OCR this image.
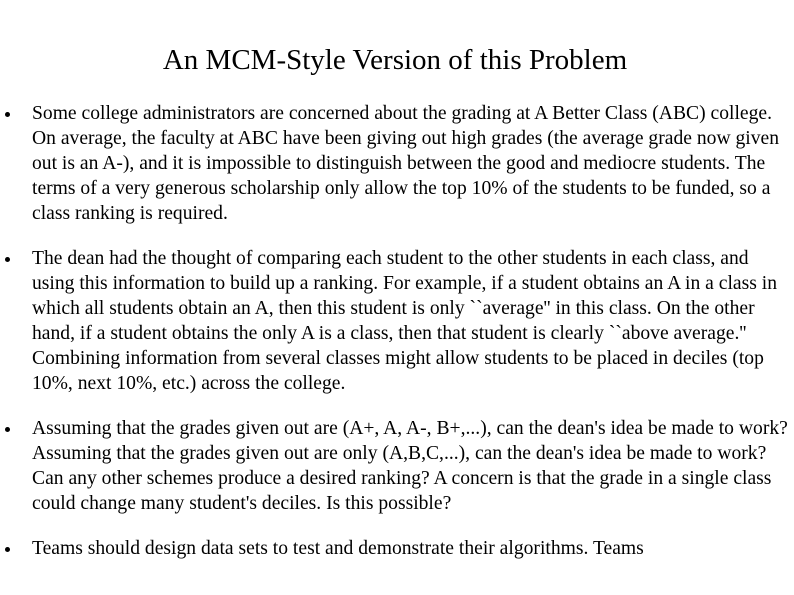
An MCM-Style Version of this Problem
Some college administrators are concerned about the grading at A Better Class (ABC) college. On average, the faculty at ABC have been giving out high grades (the average grade now given out is an A-), and it is impossible to distinguish between the good and mediocre students. The terms of a very generous scholarship only allow the top 10% of the students to be funded, so a class ranking is required.
The dean had the thought of comparing each student to the other students in each class, and using this information to build up a ranking. For example, if a student obtains an A in a class in which all students obtain an A, then this student is only ``average'' in this class. On the other hand, if a student obtains the only A is a class, then that student is clearly ``above average.'' Combining information from several classes might allow students to be placed in deciles (top 10%, next 10%, etc.) across the college.
Assuming that the grades given out are (A+, A, A-, B+,...), can the dean's idea be made to work? Assuming that the grades given out are only (A,B,C,...), can the dean's idea be made to work? Can any other schemes produce a desired ranking? A concern is that the grade in a single class could change many student's deciles. Is this possible?
Teams should design data sets to test and demonstrate their algorithms. Teams
